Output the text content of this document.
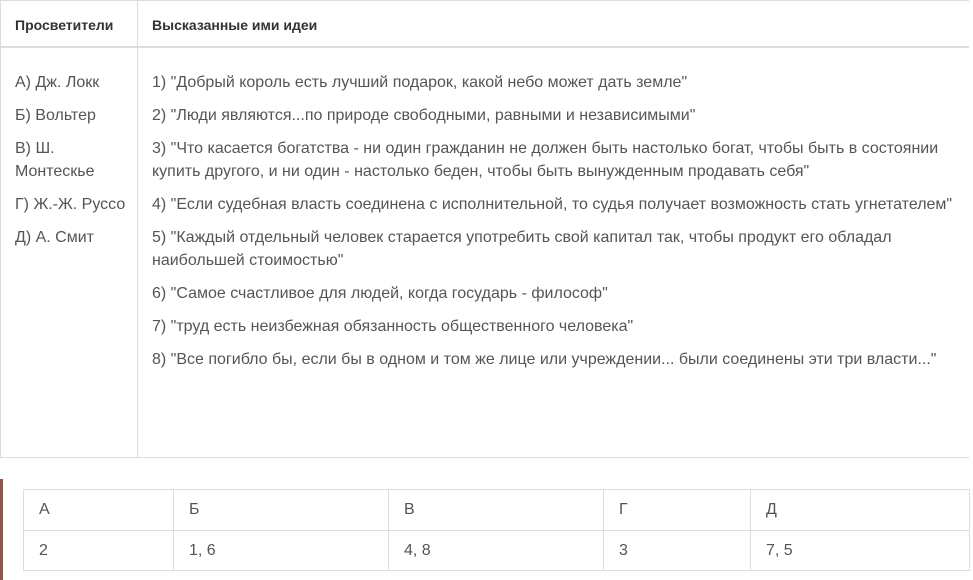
Просветители	Высказанные ими идеи
А) Дж. Локк
Б) Вольтер
В) Ш. Монтескье
Г) Ж.-Ж. Руссо
Д) А. Смит
1) "Добрый король есть лучший подарок, какой небо может дать земле"
2) "Люди являются...по природе свободными, равными и независимыми"
3) "Что касается богатства - ни один гражданин не должен быть настолько богат, чтобы быть в состоянии купить другого, и ни один - настолько беден, чтобы быть вынужденным продавать себя"
4) "Если судебная власть соединена с исполнительной, то судья получает возможность стать угнетателем"
5) "Каждый отдельный человек старается употребить свой капитал так, чтобы продукт его обладал наибольшей стоимостью"
6) "Самое счастливое для людей, когда государь - философ"
7) "труд есть неизбежная обязанность общественного человека"
8) "Все погибло бы, если бы в одном и том же лице или учреждении... были соединены эти три власти..."
А	Б	В	Г	Д
2	1, 6	4, 8	3	7, 5
